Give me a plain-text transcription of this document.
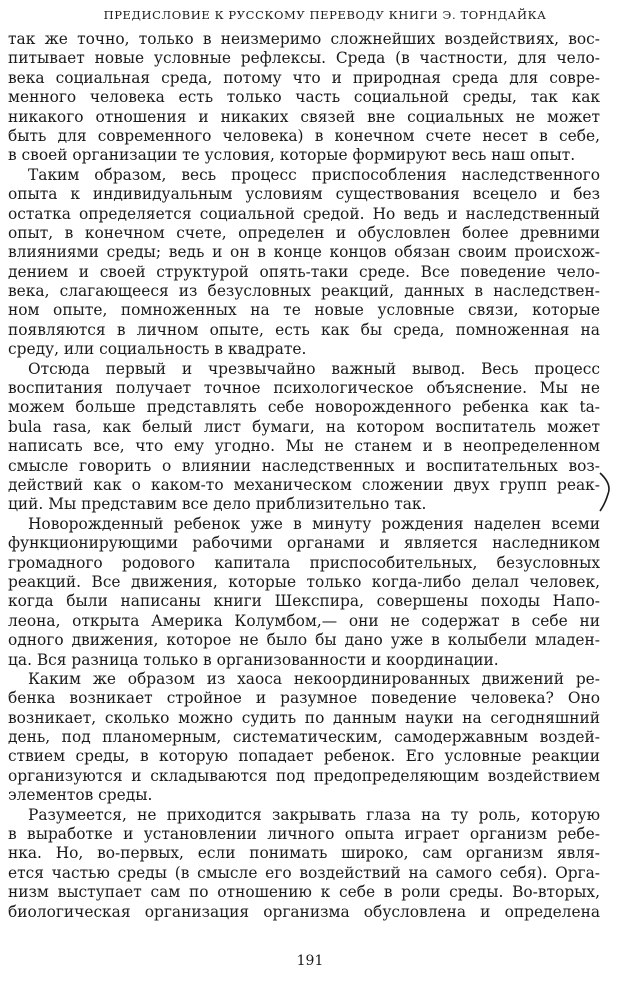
ПРЕДИСЛОВИЕ К РУССКОМУ ПЕРЕВОДУ КНИГИ Э. ТОРНДАЙКА
так же точно, только в неизмеримо сложнейших воздействиях, вос-
питывает новые условные рефлексы. Среда (в частности, для чело-
века социальная среда, потому что и природная среда для совре-
менного человека есть только часть социальной среды, так как
никакого отношения и никаких связей вне социальных не может
быть для современного человека) в конечном счете несет в себе,
в своей организации те условия, которые формируют весь наш опыт.
Таким образом, весь процесс приспособления наследственного
опыта к индивидуальным условиям существования всецело и без
остатка определяется социальной средой. Но ведь и наследственный
опыт, в конечном счете, определен и обусловлен более древними
влияниями среды; ведь и он в конце концов обязан своим происхож-
дением и своей структурой опять-таки среде. Все поведение чело-
века, слагающееся из безусловных реакций, данных в наследствен-
ном опыте, помноженных на те новые условные связи, которые
появляются в личном опыте, есть как бы среда, помноженная на
среду, или социальность в квадрате.
Отсюда первый и чрезвычайно важный вывод. Весь процесс
воспитания получает точное психологическое объяснение. Мы не
можем больше представлять себе новорожденного ребенка как ta-
bula rasa, как белый лист бумаги, на котором воспитатель может
написать все, что ему угодно. Мы не станем и в неопределенном
смысле говорить о влиянии наследственных и воспитательных воз-
действий как о каком-то механическом сложении двух групп реак-
ций. Мы представим все дело приблизительно так.
Новорожденный ребенок уже в минуту рождения наделен всеми
функционирующими рабочими органами и является наследником
громадного родового капитала приспособительных, безусловных
реакций. Все движения, которые только когда-либо делал человек,
когда были написаны книги Шекспира, совершены походы Напо-
леона, открыта Америка Колумбом,— они не содержат в себе ни
одного движения, которое не было бы дано уже в колыбели младен-
ца. Вся разница только в организованности и координации.
Каким же образом из хаоса некоординированных движений ре-
бенка возникает стройное и разумное поведение человека? Оно
возникает, сколько можно судить по данным науки на сегодняшний
день, под планомерным, систематическим, самодержавным воздей-
ствием среды, в которую попадает ребенок. Его условные реакции
организуются и складываются под предопределяющим воздействием
элементов среды.
Разумеется, не приходится закрывать глаза на ту роль, которую
в выработке и установлении личного опыта играет организм ребе-
нка. Но, во-первых, если понимать широко, сам организм явля-
ется частью среды (в смысле его воздействий на самого себя). Орга-
низм выступает сам по отношению к себе в роли среды. Во-вторых,
биологическая организация организма обусловлена и определена
191
